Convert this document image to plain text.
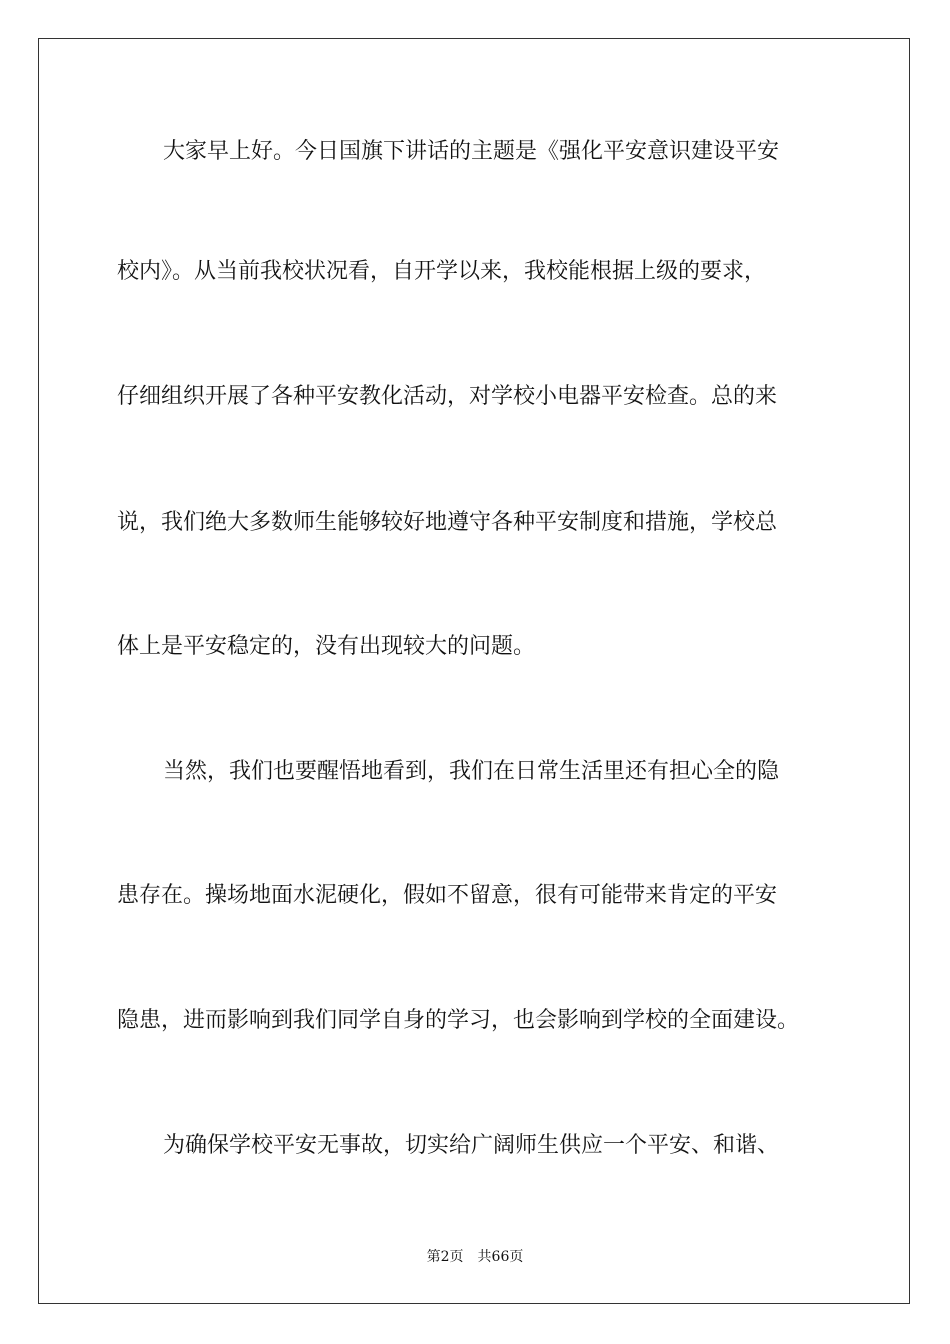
大家早上好。今日国旗下讲话的主题是《强化平安意识建设平安
校内》。从当前我校状况看，自开学以来，我校能根据上级的要求，
仔细组织开展了各种平安教化活动，对学校小电器平安检查。总的来
说，我们绝大多数师生能够较好地遵守各种平安制度和措施，学校总
体上是平安稳定的，没有出现较大的问题。
当然，我们也要醒悟地看到，我们在日常生活里还有担心全的隐
患存在。操场地面水泥硬化，假如不留意，很有可能带来肯定的平安
隐患，进而影响到我们同学自身的学习，也会影响到学校的全面建设。
为确保学校平安无事故，切实给广阔师生供应一个平安、和谐、
第2页 共66页
